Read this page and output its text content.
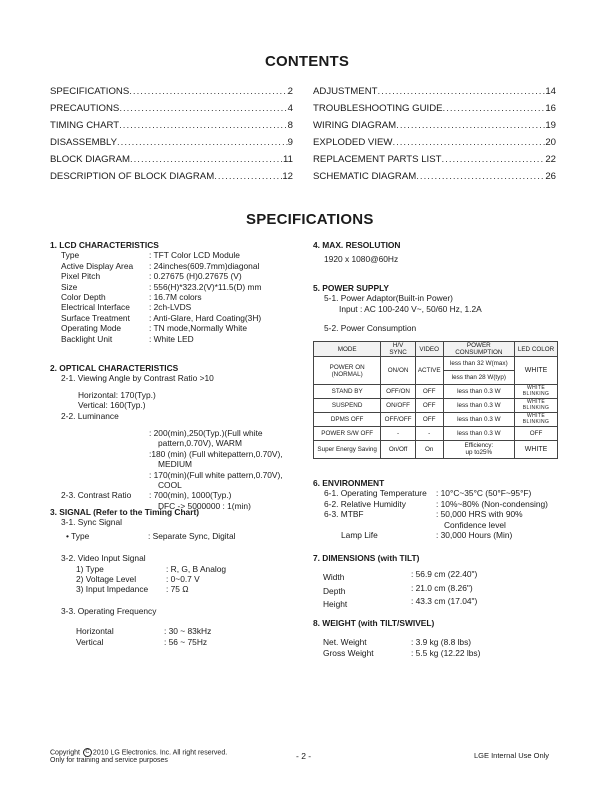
CONTENTS
SPECIFICATIONS .....	2
PRECAUTIONS .....	4
TIMING CHART .....	8
DISASSEMBLY .....	9
BLOCK DIAGRAM .....	11
DESCRIPTION OF BLOCK DIAGRAM .....	12
ADJUSTMENT .....	14
TROUBLESHOOTING GUIDE .....	16
WIRING DIAGRAM .....	19
EXPLODED VIEW .....	20
REPLACEMENT PARTS LIST .....	22
SCHEMATIC DIAGRAM .....	26
SPECIFICATIONS
1. LCD CHARACTERISTICS
Type	: TFT Color LCD Module
Active Display Area	: 24inches(609.7mm)diagonal
Pixel Pitch	: 0.27675 (H)0.27675 (V)
Size	: 556(H)*323.2(V)*11.5(D) mm
Color Depth	: 16.7M colors
Electrical Interface	: 2ch-LVDS
Surface Treatment	: Anti-Glare, Hard Coating(3H)
Operating Mode	: TN mode,Normally White
Backlight Unit	: White LED
2. OPTICAL CHARACTERISTICS
2-1. Viewing Angle by Contrast Ratio >10
Horizontal: 170(Typ.)
Vertical: 160(Typ.)
2-2. Luminance
: 200(min),250(Typ.)(Full white
pattern,0.70V), WARM
:180 (min) (Full whitepattern,0.70V),
MEDIUM
: 170(min)(Full white pattern,0.70V),
COOL
2-3. Contrast Ratio	: 700(min), 1000(Typ.)
DFC -> 5000000 : 1(min)
3. SIGNAL (Refer to the Timing Chart)
3-1. Sync Signal
• Type	: Separate Sync, Digital
3-2. Video Input Signal
1) Type	: R, G, B Analog
2) Voltage Level	: 0~0.7 V
3) Input Impedance	: 75 Ω
3-3. Operating Frequency
Horizontal	: 30 ~ 83kHz
Vertical	: 56 ~ 75Hz
4. MAX. RESOLUTION
1920 x 1080@60Hz
5. POWER SUPPLY
5-1. Power Adaptor(Built-in Power)
Input : AC 100-240 V~, 50/60 Hz, 1.2A
5-2. Power Consumption
MODE	H/V SYNC	VIDEO	POWER CONSUMPTION	LED COLOR
POWER ON (NORMAL)	ON/ON	ACTIVE	less than 32 W(max)	WHITE
			less than 28 W(typ)	
STAND BY	OFF/ON	OFF	less than 0.3 W	WHITE
BLINKING
SUSPEND	ON/OFF	OFF	less than 0.3 W	WHITE
BLINKING
DPMS OFF	OFF/OFF	OFF	less than 0.3 W	WHITE
BLINKING
POWER S/W OFF	-	-	less than 0.3 W	OFF
Super Energy Saving	On/Off	On	Efficiency:
up to25%	WHITE
6. ENVIRONMENT
6-1. Operating Temperature	: 10°C~35°C (50°F~95°F)
6-2. Relative Humidity	: 10%~80% (Non-condensing)
6-3. MTBF	: 50,000 HRS with 90%
Confidence level
Lamp Life	: 30,000 Hours (Min)
7. DIMENSIONS (with TILT)
Width	: 56.9 cm (22.40")
Depth	: 21.0 cm (8.26")
Height	: 43.3 cm (17.04")
8. WEIGHT (with TILT/SWIVEL)
Net. Weight	: 3.9 kg (8.8 lbs)
Gross Weight	: 5.5 kg (12.22 lbs)
Copyright C 2010 LG Electronics. Inc. All right reserved.
Only for training and service purposes	- 2 -	LGE Internal Use Only
